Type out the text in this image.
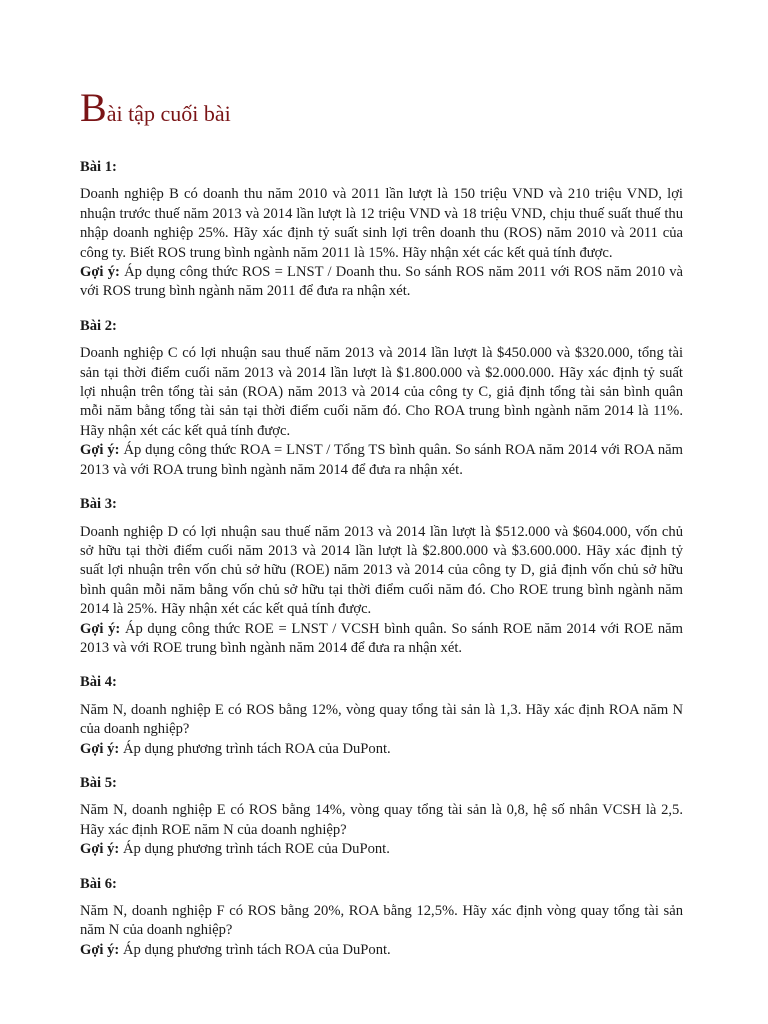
Bài tập cuối bài

Bài 1:

Doanh nghiệp B có doanh thu năm 2010 và 2011 lần lượt là 150 triệu VND và 210 triệu VND, lợi nhuận trước thuế năm 2013 và 2014 lần lượt là 12 triệu VND và 18 triệu VND, chịu thuế suất thuế thu nhập doanh nghiệp 25%. Hãy xác định tỷ suất sinh lợi trên doanh thu (ROS) năm 2010 và 2011 của công ty. Biết ROS trung bình ngành năm 2011 là 15%. Hãy nhận xét các kết quả tính được.

Gợi ý: Áp dụng công thức ROS = LNST / Doanh thu. So sánh ROS năm 2011 với ROS năm 2010 và với ROS trung bình ngành năm 2011 để đưa ra nhận xét.

Bài 2:

Doanh nghiệp C có lợi nhuận sau thuế năm 2013 và 2014 lần lượt là $450.000 và $320.000, tổng tài sản tại thời điểm cuối năm 2013 và 2014 lần lượt là $1.800.000 và $2.000.000. Hãy xác định tỷ suất lợi nhuận trên tổng tài sản (ROA) năm 2013 và 2014 của công ty C, giả định tổng tài sản bình quân mỗi năm bằng tổng tài sản tại thời điểm cuối năm đó. Cho ROA trung bình ngành năm 2014 là 11%. Hãy nhận xét các kết quả tính được.

Gợi ý: Áp dụng công thức ROA = LNST / Tổng TS bình quân. So sánh ROA năm 2014 với ROA năm 2013 và với ROA trung bình ngành năm 2014 để đưa ra nhận xét.

Bài 3:

Doanh nghiệp D có lợi nhuận sau thuế năm 2013 và 2014 lần lượt là $512.000 và $604.000, vốn chủ sở hữu tại thời điểm cuối năm 2013 và 2014 lần lượt là $2.800.000 và $3.600.000. Hãy xác định tỷ suất lợi nhuận trên vốn chủ sở hữu (ROE) năm 2013 và 2014 của công ty D, giả định vốn chủ sở hữu bình quân mỗi năm bằng vốn chủ sở hữu tại thời điểm cuối năm đó. Cho ROE trung bình ngành năm 2014 là 25%. Hãy nhận xét các kết quả tính được.

Gợi ý: Áp dụng công thức ROE = LNST / VCSH bình quân. So sánh ROE năm 2014 với ROE năm 2013 và với ROE trung bình ngành năm 2014 để đưa ra nhận xét.

Bài 4:

Năm N, doanh nghiệp E có ROS bằng 12%, vòng quay tổng tài sản là 1,3. Hãy xác định ROA năm N của doanh nghiệp?

Gợi ý: Áp dụng phương trình tách ROA của DuPont.

Bài 5:

Năm N, doanh nghiệp E có ROS bằng 14%, vòng quay tổng tài sản là 0,8, hệ số nhân VCSH là 2,5. Hãy xác định ROE năm N của doanh nghiệp?

Gợi ý: Áp dụng phương trình tách ROE của DuPont.

Bài 6:

Năm N, doanh nghiệp F có ROS bằng 20%, ROA bằng 12,5%. Hãy xác định vòng quay tổng tài sản năm N của doanh nghiệp?

Gợi ý: Áp dụng phương trình tách ROA của DuPont.
